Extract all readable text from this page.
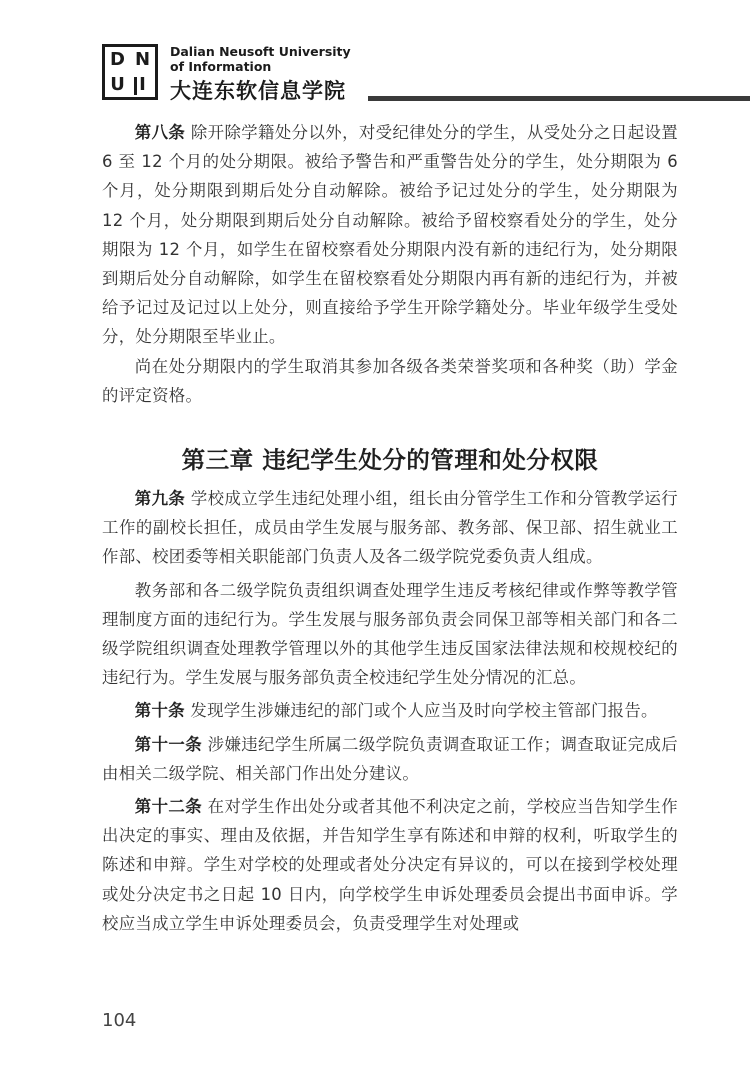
D N
U I
Dalian Neusoft University
of Information
大连东软信息学院

第八条 除开除学籍处分以外，对受纪律处分的学生，从受处分之日起设置 6 至 12 个月的处分期限。被给予警告和严重警告处分的学生，处分期限为 6 个月，处分期限到期后处分自动解除。被给予记过处分的学生，处分期限为 12 个月，处分期限到期后处分自动解除。被给予留校察看处分的学生，处分期限为 12 个月，如学生在留校察看处分期限内没有新的违纪行为，处分期限到期后处分自动解除，如学生在留校察看处分期限内再有新的违纪行为，并被给予记过及记过以上处分，则直接给予学生开除学籍处分。毕业年级学生受处分，处分期限至毕业止。

尚在处分期限内的学生取消其参加各级各类荣誉奖项和各种奖（助）学金的评定资格。

第三章 违纪学生处分的管理和处分权限

第九条 学校成立学生违纪处理小组，组长由分管学生工作和分管教学运行工作的副校长担任，成员由学生发展与服务部、教务部、保卫部、招生就业工作部、校团委等相关职能部门负责人及各二级学院党委负责人组成。

教务部和各二级学院负责组织调查处理学生违反考核纪律或作弊等教学管理制度方面的违纪行为。学生发展与服务部负责会同保卫部等相关部门和各二级学院组织调查处理教学管理以外的其他学生违反国家法律法规和校规校纪的违纪行为。学生发展与服务部负责全校违纪学生处分情况的汇总。

第十条 发现学生涉嫌违纪的部门或个人应当及时向学校主管部门报告。

第十一条 涉嫌违纪学生所属二级学院负责调查取证工作；调查取证完成后由相关二级学院、相关部门作出处分建议。

第十二条 在对学生作出处分或者其他不利决定之前，学校应当告知学生作出决定的事实、理由及依据，并告知学生享有陈述和申辩的权利，听取学生的陈述和申辩。学生对学校的处理或者处分决定有异议的，可以在接到学校处理或处分决定书之日起 10 日内，向学校学生申诉处理委员会提出书面申诉。学校应当成立学生申诉处理委员会，负责受理学生对处理或

104
